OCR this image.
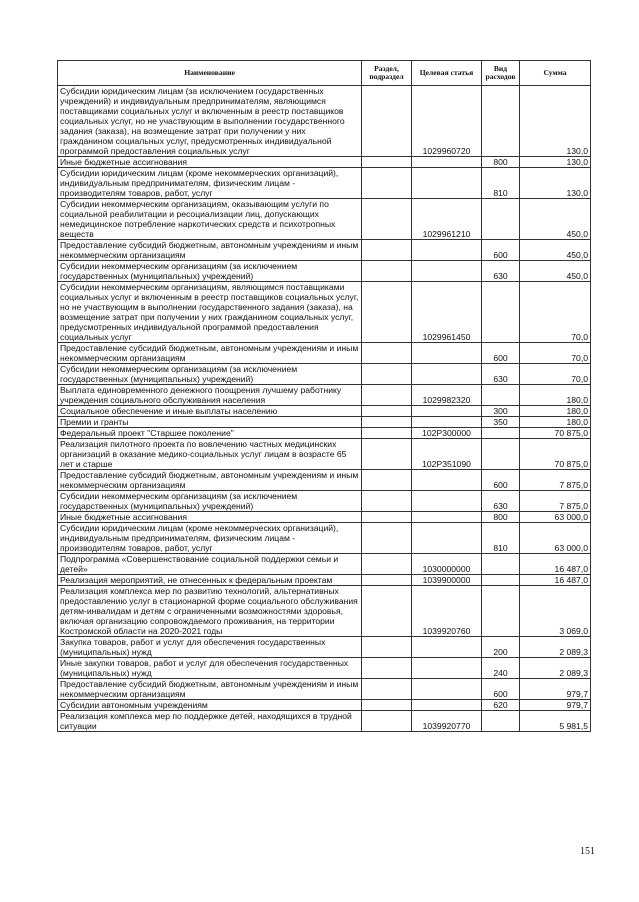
Наименование	Раздел, подраздел	Целевая статья	Вид расходов	Сумма
Субсидии юридическим лицам (за исключением государственных учреждений) и индивидуальным предпринимателям, являющимся поставщиками социальных услуг и включенным в реестр поставщиков социальных услуг, но не участвующим в выполнении государственного задания (заказа), на возмещение затрат при получении у них гражданином социальных услуг, предусмотренных индивидуальной программой предоставления социальных услуг		1029960720		130,0
Иные бюджетные ассигнования			800	130,0
Субсидии юридическим лицам (кроме некоммерческих организаций), индивидуальным предпринимателям, физическим лицам - производителям товаров, работ, услуг			810	130,0
Субсидии некоммерческим организациям, оказывающим услуги по социальной реабилитации и ресоциализации лиц, допускающих немедицинское потребление наркотических средств и психотропных веществ		1029961210		450,0
Предоставление субсидий бюджетным, автономным учреждениям и иным некоммерческим организациям			600	450,0
Субсидии некоммерческим организациям (за исключением государственных (муниципальных) учреждений)			630	450,0
Субсидии некоммерческим организациям, являющимся поставщиками социальных услуг и включенным в реестр поставщиков социальных услуг, но не участвующим в выполнении государственного задания (заказа), на возмещение затрат при получении у них гражданином социальных услуг, предусмотренных индивидуальной программой предоставления социальных услуг		1029961450		70,0
Предоставление субсидий бюджетным, автономным учреждениям и иным некоммерческим организациям			600	70,0
Субсидии некоммерческим организациям (за исключением государственных (муниципальных) учреждений)			630	70,0
Выплата единовременного денежного поощрения лучшему работнику учреждения социального обслуживания населения		1029982320		180,0
Социальное обеспечение и иные выплаты населению			300	180,0
Премии и гранты			350	180,0
Федеральный проект "Старшее поколение"		102P300000		70 875,0
Реализация пилотного проекта по вовлечению частных медицинских организаций в оказание медико-социальных услуг лицам в возрасте 65 лет и старше		102P351090		70 875,0
Предоставление субсидий бюджетным, автономным учреждениям и иным некоммерческим организациям			600	7 875,0
Субсидии некоммерческим организациям (за исключением государственных (муниципальных) учреждений)			630	7 875,0
Иные бюджетные ассигнования			800	63 000,0
Субсидии юридическим лицам (кроме некоммерческих организаций), индивидуальным предпринимателям, физическим лицам - производителям товаров, работ, услуг			810	63 000,0
Подпрограмма «Совершенствование социальной поддержки семьи и детей»		1030000000		16 487,0
Реализация мероприятий, не отнесенных к федеральным проектам		1039900000		16 487,0
Реализация комплекса мер по развитию технологий, альтернативных предоставлению услуг в стационарной форме социального обслуживания детям-инвалидам и детям с ограниченными возможностями здоровья, включая организацию сопровождаемого проживания, на территории Костромской области на 2020-2021 годы		1039920760		3 069,0
Закупка товаров, работ и услуг для обеспечения государственных (муниципальных) нужд			200	2 089,3
Иные закупки товаров, работ и услуг для обеспечения государственных (муниципальных) нужд			240	2 089,3
Предоставление субсидий бюджетным, автономным учреждениям и иным некоммерческим организациям			600	979,7
Субсидии автономным учреждениям			620	979,7
Реализация комплекса мер по поддержке детей, находящихся в трудной ситуации		1039920770		5 981,5
151
